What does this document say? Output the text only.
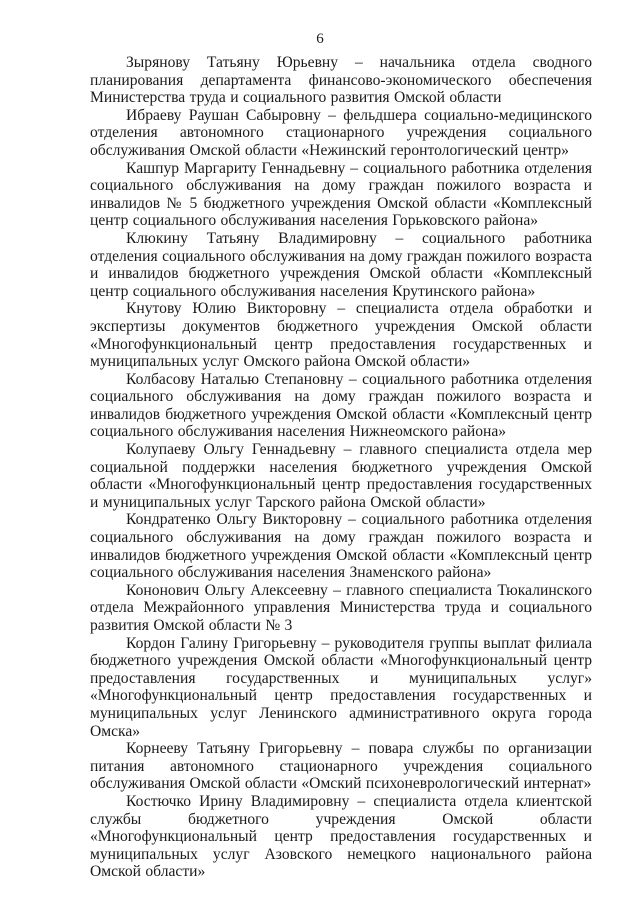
6

Зырянову Татьяну Юрьевну – начальника отдела сводного планирования департамента финансово-экономического обеспечения Министерства труда и социального развития Омской области

Ибраеву Раушан Сабыровну – фельдшера социально-медицинского отделения автономного стационарного учреждения социального обслуживания Омской области «Нежинский геронтологический центр»

Кашпур Маргариту Геннадьевну – социального работника отделения социального обслуживания на дому граждан пожилого возраста и инвалидов № 5 бюджетного учреждения Омской области «Комплексный центр социального обслуживания населения Горьковского района»

Клюкину Татьяну Владимировну – социального работника отделения социального обслуживания на дому граждан пожилого возраста и инвалидов бюджетного учреждения Омской области «Комплексный центр социального обслуживания населения Крутинского района»

Кнутову Юлию Викторовну – специалиста отдела обработки и экспертизы документов бюджетного учреждения Омской области «Многофункциональный центр предоставления государственных и муниципальных услуг Омского района Омской области»

Колбасову Наталью Степановну – социального работника отделения социального обслуживания на дому граждан пожилого возраста и инвалидов бюджетного учреждения Омской области «Комплексный центр социального обслуживания населения Нижнеомского района»

Колупаеву Ольгу Геннадьевну – главного специалиста отдела мер социальной поддержки населения бюджетного учреждения Омской области «Многофункциональный центр предоставления государственных и муниципальных услуг Тарского района Омской области»

Кондратенко Ольгу Викторовну – социального работника отделения социального обслуживания на дому граждан пожилого возраста и инвалидов бюджетного учреждения Омской области «Комплексный центр социального обслуживания населения Знаменского района»

Кононович Ольгу Алексеевну – главного специалиста Тюкалинского отдела Межрайонного управления Министерства труда и социального развития Омской области № 3

Кордон Галину Григорьевну – руководителя группы выплат филиала бюджетного учреждения Омской области «Многофункциональный центр предоставления государственных и муниципальных услуг» «Многофункциональный центр предоставления государственных и муниципальных услуг Ленинского административного округа города Омска»

Корнееву Татьяну Григорьевну – повара службы по организации питания автономного стационарного учреждения социального обслуживания Омской области «Омский психоневрологический интернат»

Костючко Ирину Владимировну – специалиста отдела клиентской службы бюджетного учреждения Омской области «Многофункциональный центр предоставления государственных и муниципальных услуг Азовского немецкого национального района Омской области»
